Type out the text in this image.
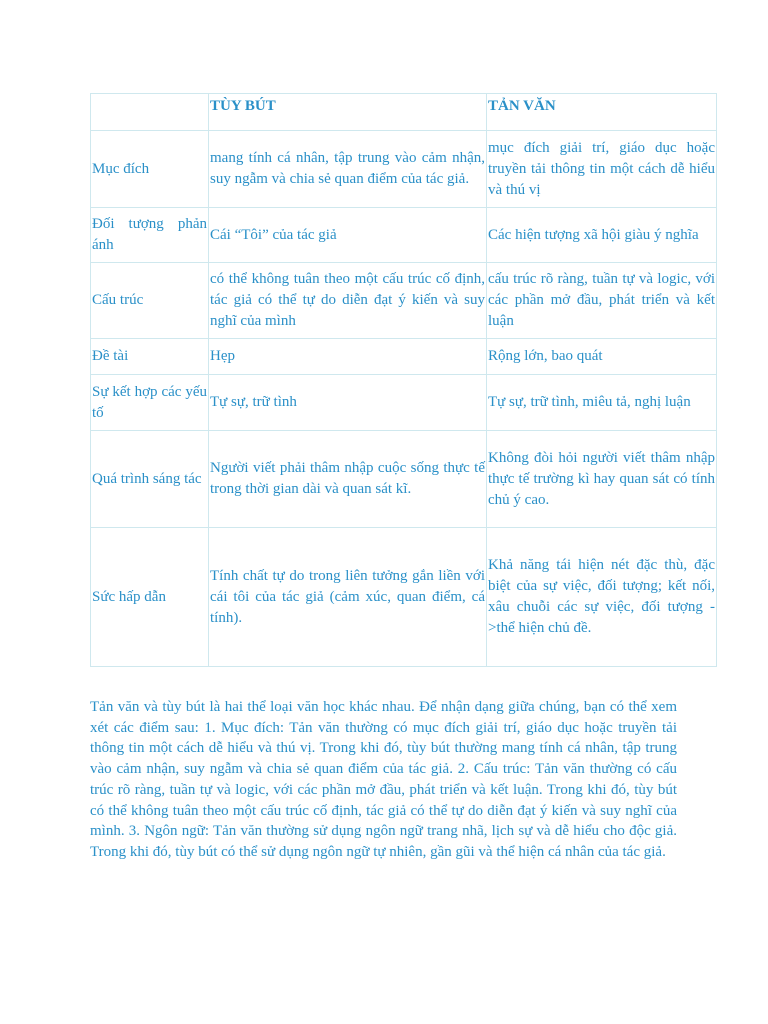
	TÙY BÚT	TẢN VĂN
Mục đích	mang tính cá nhân, tập trung vào cảm nhận, suy ngẫm và chia sẻ quan điểm của tác giả.	mục đích giải trí, giáo dục hoặc truyền tải thông tin một cách dễ hiểu và thú vị
Đối tượng phản ánh	Cái “Tôi” của tác giả	Các hiện tượng xã hội giàu ý nghĩa
Cấu trúc	có thể không tuân theo một cấu trúc cố định, tác giả có thể tự do diễn đạt ý kiến và suy nghĩ của mình	cấu trúc rõ ràng, tuần tự và logic, với các phần mở đầu, phát triển và kết luận
Đề tài	Hẹp	Rộng lớn, bao quát
Sự kết hợp các yếu tố	Tự sự, trữ tình	Tự sự, trữ tình, miêu tả, nghị luận
Quá trình sáng tác	Người viết phải thâm nhập cuộc sống thực tế trong thời gian dài và quan sát kĩ.	Không đòi hỏi người viết thâm nhập thực tế trường kì hay quan sát có tính chủ ý cao.
Sức hấp dẫn	Tính chất tự do trong liên tưởng gắn liền với cái tôi của tác giả (cảm xúc, quan điểm, cá tính).	Khả năng tái hiện nét đặc thù, đặc biệt của sự việc, đối tượng; kết nối, xâu chuỗi các sự việc, đối tượng ->thể hiện chủ đề.

Tản văn và tùy bút là hai thể loại văn học khác nhau. Để nhận dạng giữa chúng, bạn có thể xem xét các điểm sau: 1. Mục đích: Tản văn thường có mục đích giải trí, giáo dục hoặc truyền tải thông tin một cách dễ hiểu và thú vị. Trong khi đó, tùy bút thường mang tính cá nhân, tập trung vào cảm nhận, suy ngẫm và chia sẻ quan điểm của tác giả. 2. Cấu trúc: Tản văn thường có cấu trúc rõ ràng, tuần tự và logic, với các phần mở đầu, phát triển và kết luận. Trong khi đó, tùy bút có thể không tuân theo một cấu trúc cố định, tác giả có thể tự do diễn đạt ý kiến và suy nghĩ của mình. 3. Ngôn ngữ: Tản văn thường sử dụng ngôn ngữ trang nhã, lịch sự và dễ hiểu cho độc giả. Trong khi đó, tùy bút có thể sử dụng ngôn ngữ tự nhiên, gần gũi và thể hiện cá nhân của tác giả.
